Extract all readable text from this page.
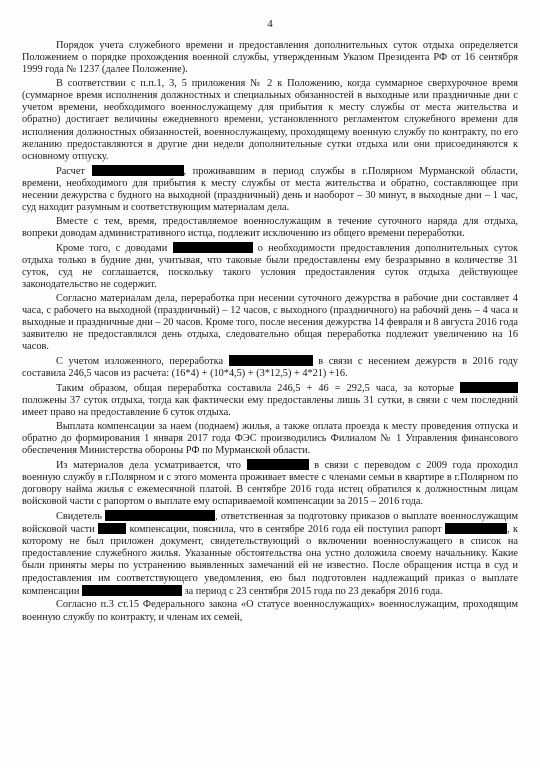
4

Порядок учета служебного времени и предоставления дополнительных суток отдыха определяется Положением о порядке прохождения военной службы, утвержденным Указом Президента РФ от 16 сентября 1999 года № 1237 (далее Положение).

В соответствии с п.п.1, 3, 5 приложения № 2 к Положению, когда суммарное сверхурочное время (суммарное время исполнения должностных и специальных обязанностей в выходные или праздничные дни с учетом времени, необходимого военнослужащему для прибытия к месту службы от места жительства и обратно) достигает величины ежедневного времени, установленного регламентом служебного времени для исполнения должностных обязанностей, военнослужащему, проходящему военную службу по контракту, по его желанию предоставляются в другие дни недели дополнительные сутки отдыха или они присоединяются к основному отпуску.

Расчет	, проживавшим в период службы в г.Полярном Мурманской области, времени, необходимого для прибытия к месту службы от места жительства и обратно, составляющее при несении дежурства с будного на выходной (праздничный) день и наоборот – 30 минут, в выходные дни – 1 час, суд находит разумным и соответствующим материалам дела.

Вместе с тем, время, предоставляемое военнослужащим в течение суточного наряда для отдыха, вопреки доводам административного истца, подлежит исключению из общего времени переработки.

Кроме того, с доводами	о необходимости предоставления дополнительных суток отдыха только в будние дни, учитывая, что таковые были предоставлены ему безразрывно в количестве 31 суток, суд не соглашается, поскольку такого условия предоставления суток отдыха действующее законодательство не содержит.

Согласно материалам дела, переработка при несении суточного дежурства в рабочие дни составляет 4 часа, с рабочего на выходной (праздничный) – 12 часов, с выходного (праздничного) на рабочий день – 4 часа и выходные и праздничные дни – 20 часов. Кроме того, после несения дежурства 14 февраля и 8 августа 2016 года заявителю не предоставлялся день отдыха, следовательно общая переработка подлежит увеличению на 16 часов.

С учетом изложенного, переработка	в связи с несением дежурств в 2016 году составила 246,5 часов из расчета: (16*4) + (10*4,5) + (3*12,5) + 4*21) +16.

Таким образом, общая переработка составила 246,5 + 46 = 292,5 часа, за которые  положены 37 суток отдыха, тогда как фактически ему предоставлены лишь 31 сутки, в связи с чем последний имеет право на предоставление 6 суток отдыха.

Выплата компенсации за наем (поднаем) жилья, а также оплата проезда к месту проведения отпуска и обратно до формирования 1 января 2017 года ФЭС производились Филиалом № 1 Управления финансового обеспечения Министерства обороны РФ по Мурманской области.

Из материалов дела усматривается, что	в связи с переводом с 2009 года проходил военную службу в г.Полярном и с этого момента проживает вместе с членами семьи в квартире в г.Полярном по договору найма жилья с ежемесячной платой. В сентябре 2016 года истец обратился к должностным лицам войсковой части с рапортом о выплате ему оспариваемой компенсации за 2015 – 2016 года.

Свидетель	, ответственная за подготовку приказов о выплате военнослужащим войсковой части	компенсации, пояснила, что в сентябре 2016 года ей поступил рапорт	, к которому не был приложен документ, свидетельствующий о включении военнослужащего в список на предоставление служебного жилья. Указанные обстоятельства она устно доложила своему начальнику. Какие были приняты меры по устранению выявленных замечаний ей не известно. После обращения истца в суд и предоставления им соответствующего уведомления, ею был подготовлен надлежащий приказ о выплате компенсации	за период с 23 сентября 2015 года по 23 декабря 2016 года.

Согласно п.3 ст.15 Федерального закона «О статусе военнослужащих» военнослужащим, проходящим военную службу по контракту, и членам их семей,
